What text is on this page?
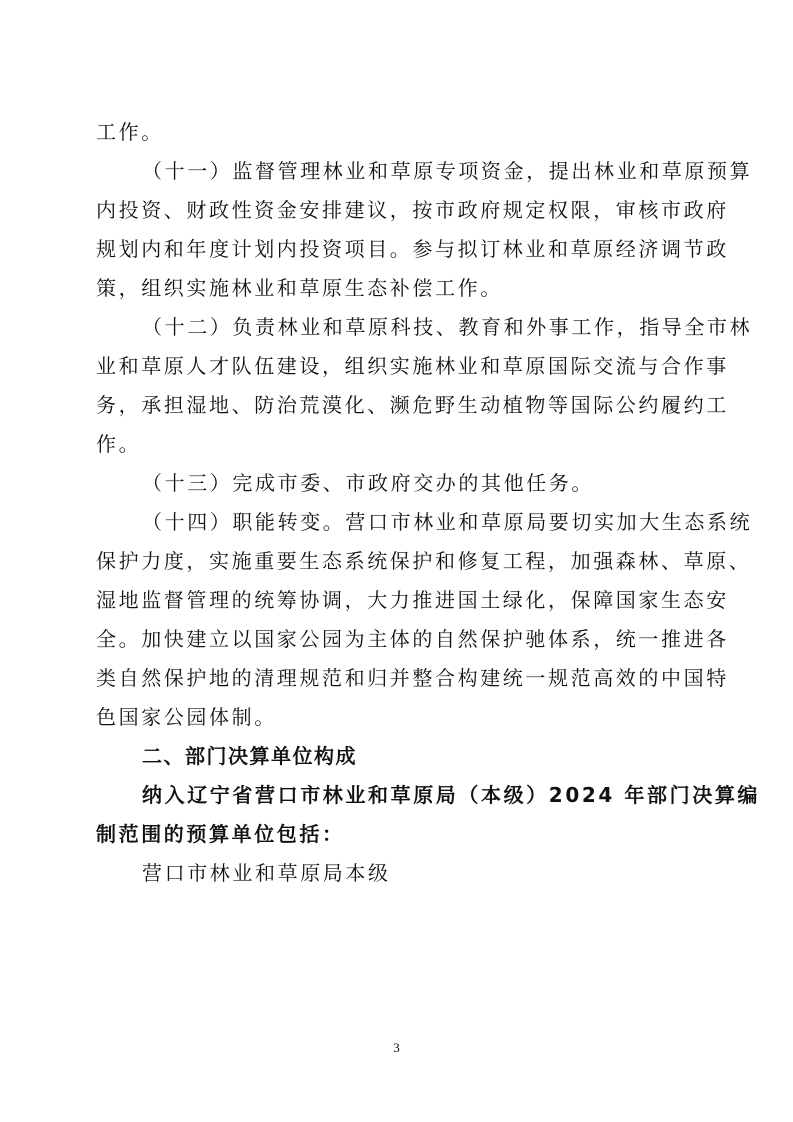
工作。
（十一）监督管理林业和草原专项资金，提出林业和草原预算
内投资、财政性资金安排建议，按市政府规定权限，审核市政府
规划内和年度计划内投资项目。参与拟订林业和草原经济调节政
策，组织实施林业和草原生态补偿工作。
（十二）负责林业和草原科技、教育和外事工作，指导全市林
业和草原人才队伍建设，组织实施林业和草原国际交流与合作事
务，承担湿地、防治荒漠化、濒危野生动植物等国际公约履约工
作。
（十三）完成市委、市政府交办的其他任务。
（十四）职能转变。营口市林业和草原局要切实加大生态系统
保护力度，实施重要生态系统保护和修复工程，加强森林、草原、
湿地监督管理的统筹协调，大力推进国土绿化，保障国家生态安
全。加快建立以国家公园为主体的自然保护驰体系，统一推进各
类自然保护地的清理规范和归并整合构建统一规范高效的中国特
色国家公园体制。
二、部门决算单位构成
纳入辽宁省营口市林业和草原局（本级）2024 年部门决算编
制范围的预算单位包括：
营口市林业和草原局本级
3
